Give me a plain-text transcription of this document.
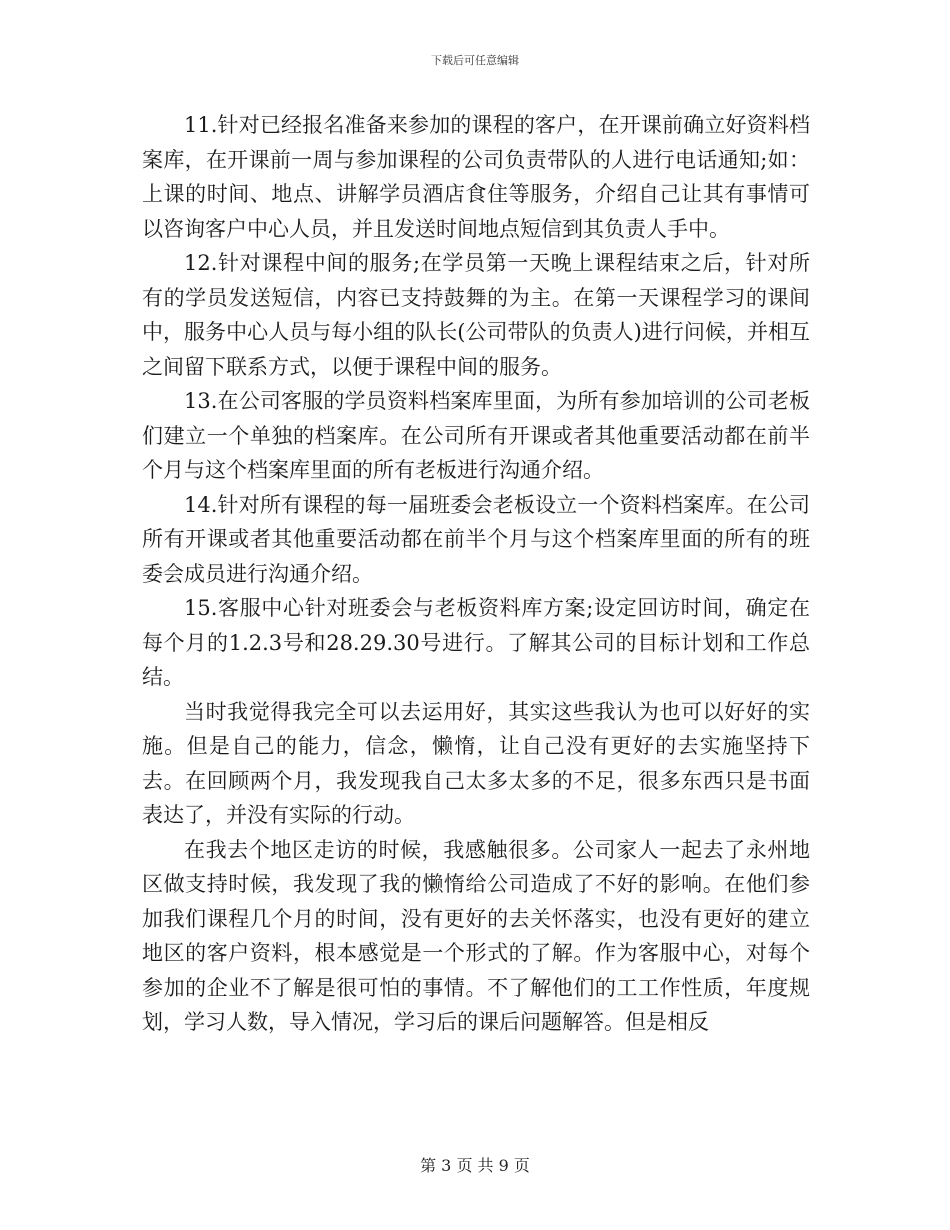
下载后可任意编辑

11.针对已经报名准备来参加的课程的客户，在开课前确立好资料档案库，在开课前一周与参加课程的公司负责带队的人进行电话通知;如：上课的时间、地点、讲解学员酒店食住等服务，介绍自己让其有事情可以咨询客户中心人员，并且发送时间地点短信到其负责人手中。

12.针对课程中间的服务;在学员第一天晚上课程结束之后，针对所有的学员发送短信，内容已支持鼓舞的为主。在第一天课程学习的课间中，服务中心人员与每小组的队长(公司带队的负责人)进行问候，并相互之间留下联系方式，以便于课程中间的服务。

13.在公司客服的学员资料档案库里面，为所有参加培训的公司老板们建立一个单独的档案库。在公司所有开课或者其他重要活动都在前半个月与这个档案库里面的所有老板进行沟通介绍。

14.针对所有课程的每一届班委会老板设立一个资料档案库。在公司所有开课或者其他重要活动都在前半个月与这个档案库里面的所有的班委会成员进行沟通介绍。

15.客服中心针对班委会与老板资料库方案;设定回访时间，确定在每个月的1.2.3号和28.29.30号进行。了解其公司的目标计划和工作总结。

当时我觉得我完全可以去运用好，其实这些我认为也可以好好的实施。但是自己的能力，信念，懒惰，让自己没有更好的去实施坚持下去。在回顾两个月，我发现我自己太多太多的不足，很多东西只是书面表达了，并没有实际的行动。

在我去个地区走访的时候，我感触很多。公司家人一起去了永州地区做支持时候，我发现了我的懒惰给公司造成了不好的影响。在他们参加我们课程几个月的时间，没有更好的去关怀落实，也没有更好的建立地区的客户资料，根本感觉是一个形式的了解。作为客服中心，对每个参加的企业不了解是很可怕的事情。不了解他们的工工作性质，年度规划，学习人数，导入情况，学习后的课后问题解答。但是相反

第 3 页 共 9 页
